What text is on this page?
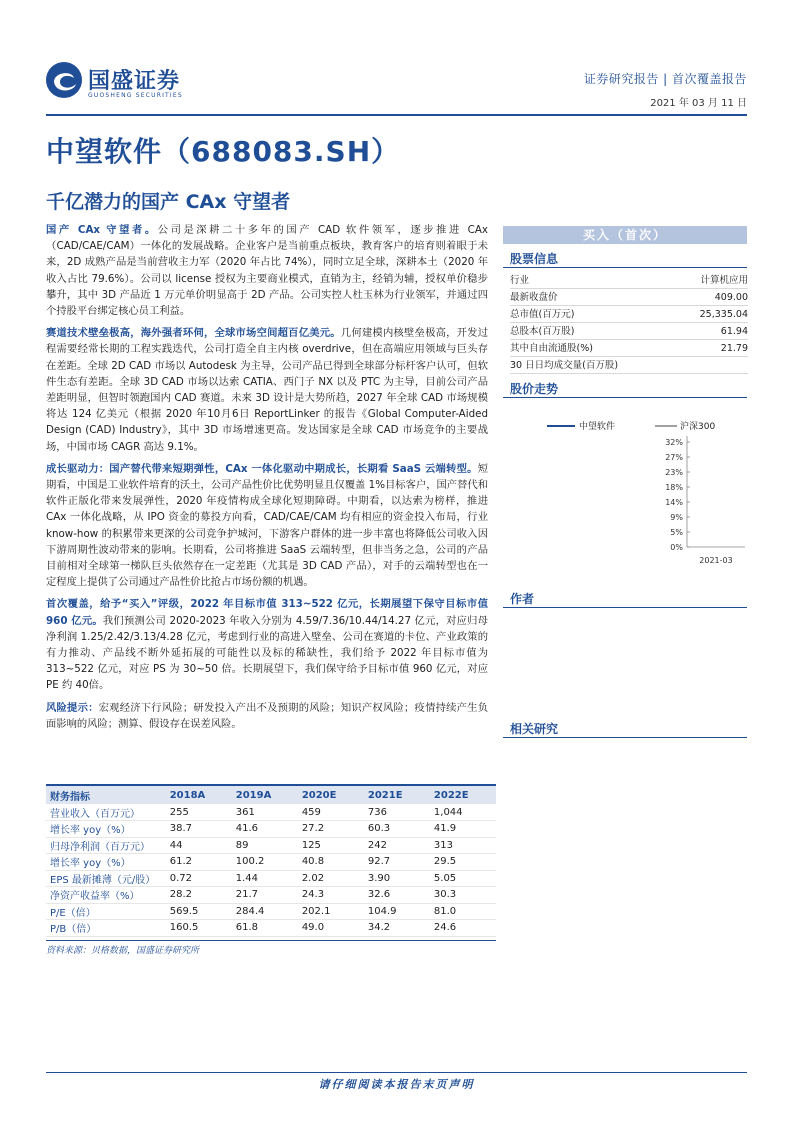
国盛证券
GUOSHENG SECURITIES
证券研究报告 | 首次覆盖报告
2021 年 03 月 11 日
中望软件（688083.SH）
千亿潜力的国产 CAx 守望者

国产 CAx 守望者。公司是深耕二十多年的国产 CAD 软件领军，逐步推进 CAx（CAD/CAE/CAM）一体化的发展战略。企业客户是当前重点板块，教育客户的培育则着眼于未来，2D 成熟产品是当前营收主力军（2020 年占比 74%），同时立足全球，深耕本土（2020 年收入占比 79.6%）。公司以 license 授权为主要商业模式，直销为主，经销为辅，授权单价稳步攀升，其中 3D 产品近 1 万元单价明显高于 2D 产品。公司实控人杜玉林为行业领军，并通过四个持股平台绑定核心员工利益。

赛道技术壁垒极高，海外强者环伺，全球市场空间超百亿美元。几何建模内核壁垒极高，开发过程需要经常长期的工程实践迭代，公司打造全自主内核 overdrive，但在高端应用领域与巨头存在差距。全球 2D CAD 市场以 Autodesk 为主导，公司产品已得到全球部分标杆客户认可，但软件生态有差距。全球 3D CAD 市场以达索 CATIA、西门子 NX 以及 PTC 为主导，目前公司产品差距明显，但智时领跑国内 CAD 赛道。未来 3D 设计是大势所趋，2027 年全球 CAD 市场规模将达 124 亿美元（根据 2020 年10月6日 ReportLinker 的报告《Global Computer-Aided Design (CAD) Industry》，其中 3D 市场增速更高。发达国家是全球 CAD 市场竞争的主要战场，中国市场 CAGR 高达 9.1%。

成长驱动力：国产替代带来短期弹性，CAx 一体化驱动中期成长，长期看 SaaS 云端转型。短期看，中国是工业软件培育的沃土，公司产品性价比优势明显且仅覆盖 1%目标客户，国产替代和软件正版化带来发展弹性，2020 年疫情构成全球化短期障碍。中期看，以达索为榜样，推进 CAx 一体化战略，从 IPO 资金的募投方向看，CAD/CAE/CAM 均有相应的资金投入布局，行业 know-how 的积累带来更深的公司竞争护城河，下游客户群体的进一步丰富也将降低公司收入因下游周期性波动带来的影响。长期看，公司将推进 SaaS 云端转型，但非当务之急，公司的产品目前相对全球第一梯队巨头依然存在一定差距（尤其是 3D CAD 产品），对手的云端转型也在一定程度上提供了公司通过产品性价比抢占市场份额的机遇。

首次覆盖，给予“买入”评级，2022 年目标市值 313~522 亿元，长期展望下保守目标市值 960 亿元。我们预测公司 2020-2023 年收入分别为 4.59/7.36/10.44/14.27 亿元，对应归母净利润 1.25/2.42/3.13/4.28 亿元，考虑到行业的高进入壁垒、公司在赛道的卡位、产业政策的有力推动、产品线不断外延拓展的可能性以及标的稀缺性，我们给予 2022 年目标市值为 313~522 亿元，对应 PS 为 30~50 倍。长期展望下，我们保守给予目标市值 960 亿元，对应 PE 约 40倍。

风险提示：宏观经济下行风险；研发投入产出不及预期的风险；知识产权风险；疫情持续产生负面影响的风险；测算、假设存在误差风险。

买入（首次）
股票信息
行业	计算机应用
最新收盘价	409.00
总市值(百万元)	25,335.04
总股本(百万股)	61.94
其中自由流通股(%)	21.79
30 日日均成交量(百万股)
股价走势
中望软件	沪深300
32%
27%
23%
18%
14%
9%
5%
0%
2021-03
作者
相关研究
财务指标	2018A	2019A	2020E	2021E	2022E
营业收入（百万元）	255	361	459	736	1,044
增长率 yoy（%）	38.7	41.6	27.2	60.3	41.9
归母净利润（百万元）	44	89	125	242	313
增长率 yoy（%）	61.2	100.2	40.8	92.7	29.5
EPS 最新摊薄（元/股）	0.72	1.44	2.02	3.90	5.05
净资产收益率（%）	28.2	21.7	24.3	32.6	30.3
P/E（倍）	569.5	284.4	202.1	104.9	81.0
P/B（倍）	160.5	61.8	49.0	34.2	24.6
资料来源：贝格数据，国盛证券研究所
请仔细阅读本报告末页声明
